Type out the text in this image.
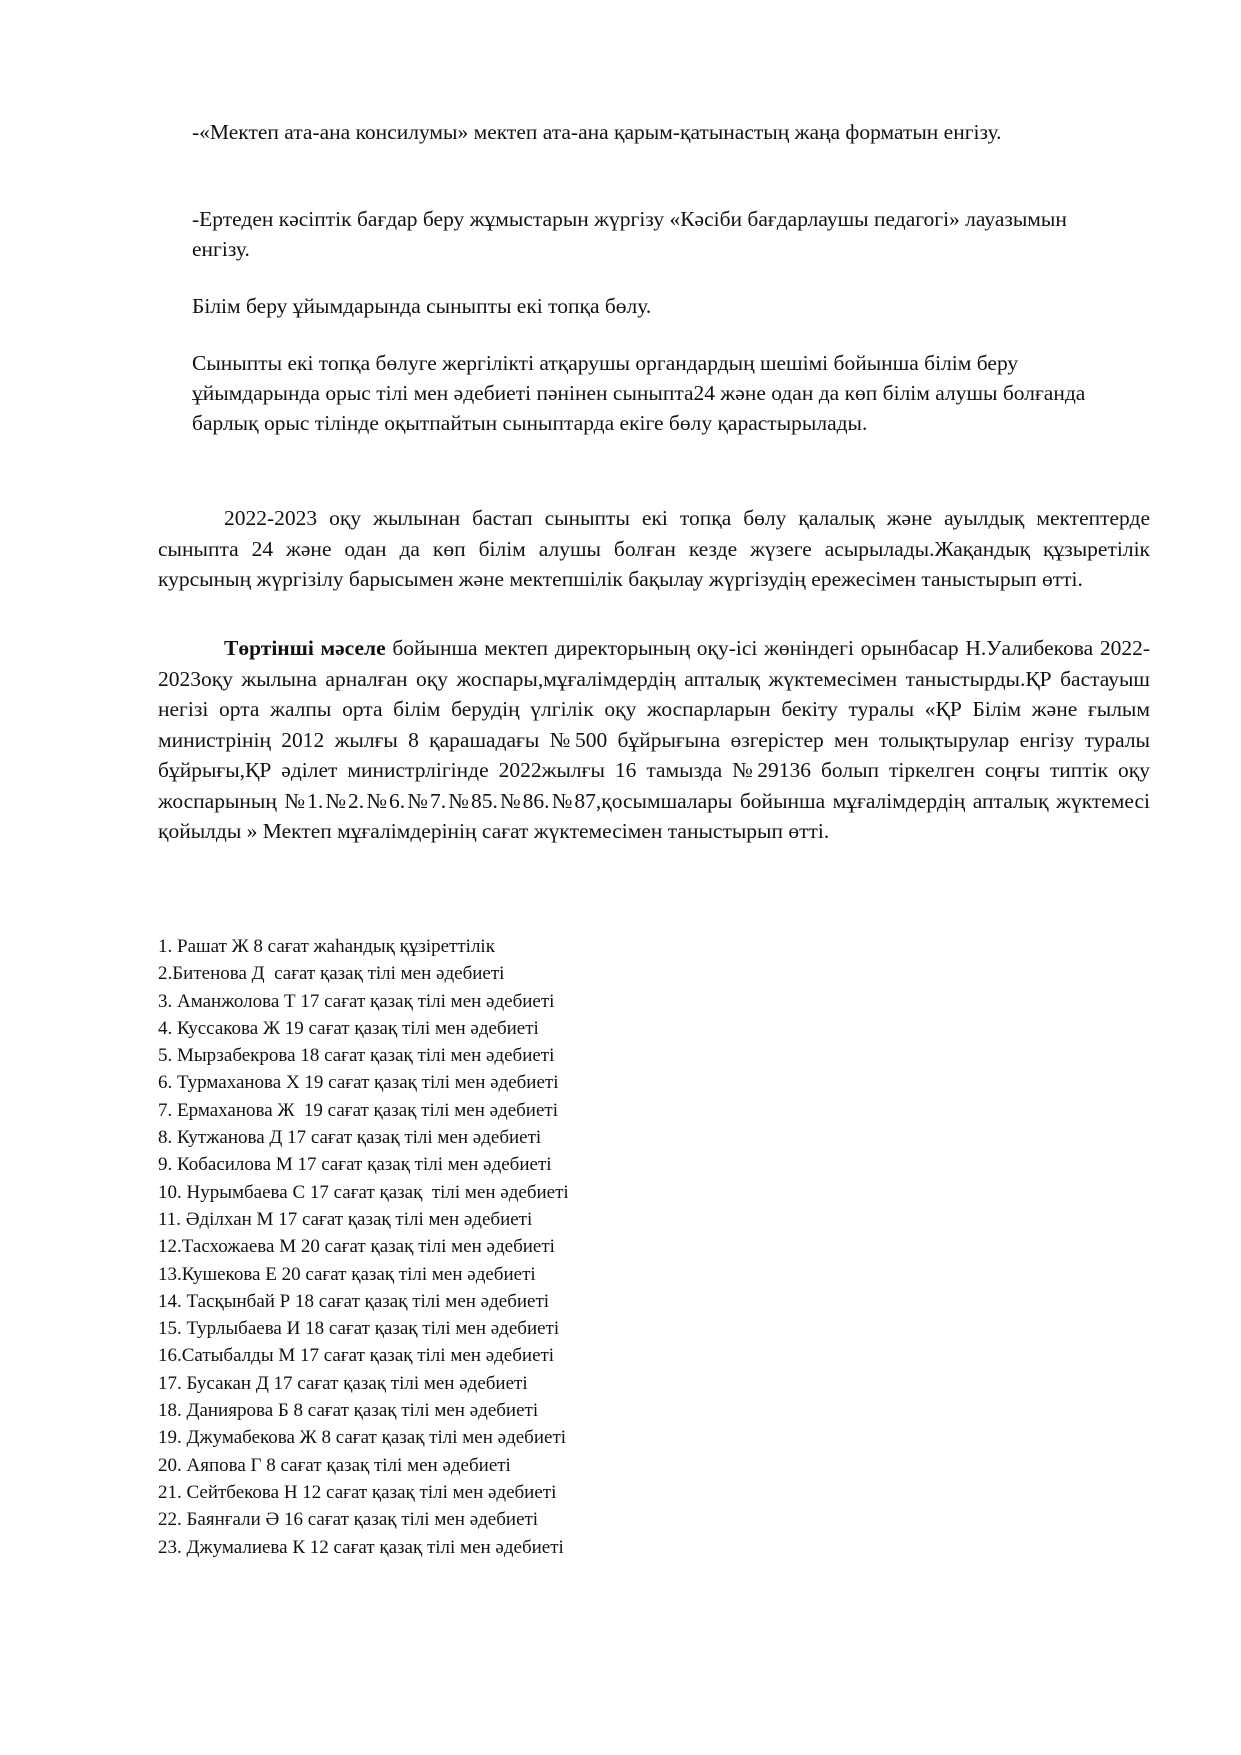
-«Мектеп ата-ана консилумы» мектеп ата-ана қарым-қатынастың жаңа форматын енгізу.

-Ертеден кәсiптiк бағдар беру жұмыстарын жүргiзу «Кәсiби бағдарлаушы педагогi» лауазымын енгiзу.

Бiлiм беру ұйымдарында сыныпты екi топқа бөлу.

Сыныпты екi топқа бөлуге жергiлiктi атқарушы органдардың шешiмi бойынша бiлiм беру ұйымдарында орыс тiлi мен әдебиетi пәнiнен сыныпта24 және одан да көп бiлiм алушы болғанда барлық орыс тiлiнде оқытпайтын сыныптарда екiге бөлу қарастырылады.

2022-2023 оқу жылынан бастап сыныпты екi топқа бөлу қалалық және ауылдық мектептерде сыныпта 24 және одан да көп бiлiм алушы болған кезде жүзеге асырылады.Жақандық құзыретiлiк курсының жүргiзiлу барысымен және мектепшiлiк бақылау жүргiзудiң ережесiмен таныстырып өттi.

Төртiншi мәселе бойынша мектеп директорының оқу-iсi жөнiндегi орынбасар Н.Уалибекова 2022-2023оқу жылына арналған оқу жоспары,мұғалiмдердiң апталық жүктемесiмен таныстырды.ҚР бастауыш негiзi орта жалпы орта бiлiм берудiң үлгiлiк оқу жоспарларын бекiту туралы «ҚР Бiлiм және ғылым министрiнiң 2012 жылғы 8 қарашадағы №500 бұйрығына өзгерiстер мен толықтырулар енгiзу туралы бұйрығы,ҚР әдiлет министрлiгiнде 2022жылғы 16 тамызда №29136 болып тiркелген соңғы типтiк оқу жоспарының №1.№2.№6.№7.№85.№86.№87,қосымшалары бойынша мұғалiмдердiң апталық жүктемесi қойылды » Мектеп мұғалiмдерiнiң сағат жүктемесiмен таныстырып өттi.

1. Рашат Ж 8 сағат жаһандық құзiреттiлiк
2.Битенова Д  сағат қазақ тiлi мен әдебиетi
3. Аманжолова Т 17 сағат қазақ тiлi мен әдебиетi
4. Куссакова Ж 19 сағат қазақ тiлi мен әдебиетi
5. Мырзабекрова 18 сағат қазақ тiлi мен әдебиетi
6. Турмаханова Х 19 сағат қазақ тiлi мен әдебиетi
7. Ермаханова Ж  19 сағат қазақ тiлi мен әдебиетi
8. Кутжанова Д 17 сағат қазақ тiлi мен әдебиетi
9. Кобасилова М 17 сағат қазақ тiлi мен әдебиетi
10. Нурымбаева С 17 сағат қазақ  тiлi мен әдебиетi
11. Әдiлхан М 17 сағат қазақ тiлi мен әдебиетi
12.Тасхожаева М 20 сағат қазақ тiлi мен әдебиетi
13.Кушекова Е 20 сағат қазақ тiлi мен әдебиетi
14. Тасқынбай Р 18 сағат қазақ тiлi мен әдебиетi
15. Турлыбаева И 18 сағат қазақ тiлi мен әдебиетi
16.Сатыбалды М 17 сағат қазақ тiлi мен әдебиетi
17. Бусакан Д 17 сағат қазақ тiлi мен әдебиетi
18. Даниярова Б 8 сағат қазақ тiлi мен әдебиетi
19. Джумабекова Ж 8 сағат қазақ тiлi мен әдебиетi
20. Аяпова Г 8 сағат қазақ тiлi мен әдебиетi
21. Сейтбекова Н 12 сағат қазақ тiлi мен әдебиетi
22. Баянғали Ә 16 сағат қазақ тiлi мен әдебиетi
23. Джумалиева К 12 сағат қазақ тiлi мен әдебиетi
